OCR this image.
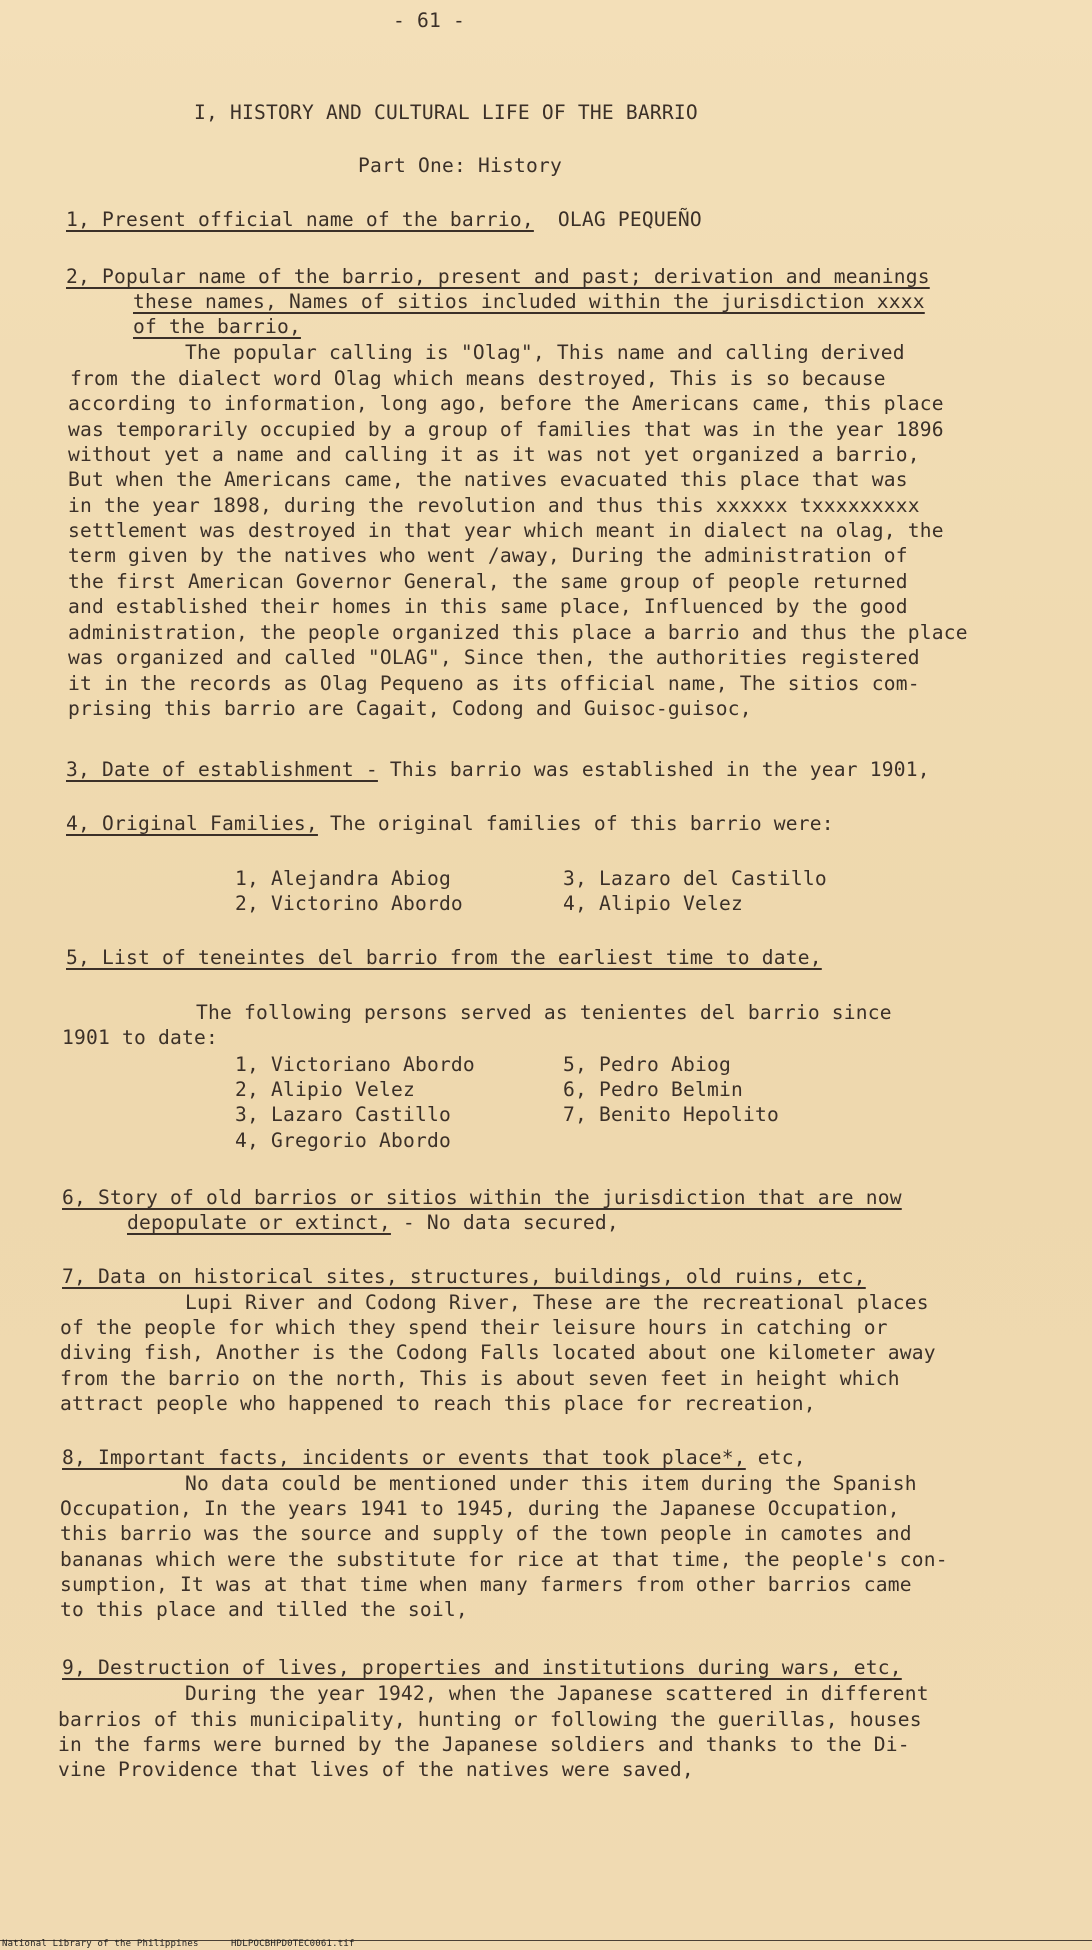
- 61 -
I, HISTORY AND CULTURAL LIFE OF THE BARRIO
Part One: History
1, Present official name of the barrio, OLAG PEQUEÑO
2, Popular name of the barrio, present and past; derivation and meanings
these names, Names of sitios included within the jurisdiction xxxx
of the barrio,
The popular calling is "Olag", This name and calling derived
from the dialect word Olag which means destroyed, This is so because
according to information, long ago, before the Americans came, this place
was temporarily occupied by a group of families that was in the year 1896
without yet a name and calling it as it was not yet organized a barrio,
But when the Americans came, the natives evacuated this place that was
in the year 1898, during the revolution and thus this xxxxxx txxxxxxxxx
settlement was destroyed in that year which meant in dialect na olag, the
term given by the natives who went /away, During the administration of
the first American Governor General, the same group of people returned
and established their homes in this same place, Influenced by the good
administration, the people organized this place a barrio and thus the place
was organized and called "OLAG", Since then, the authorities registered
it in the records as Olag Pequeno as its official name, The sitios com-
prising this barrio are Cagait, Codong and Guisoc-guisoc,
3, Date of establishment - This barrio was established in the year 1901,
4, Original Families, The original families of this barrio were:
1, Alejandra Abiog
2, Victorino Abordo
3, Lazaro del Castillo
4, Alipio Velez
5, List of teneintes del barrio from the earliest time to date,
The following persons served as tenientes del barrio since
1901 to date:
1, Victoriano Abordo
2, Alipio Velez
3, Lazaro Castillo
4, Gregorio Abordo
5, Pedro Abiog
6, Pedro Belmin
7, Benito Hepolito
6, Story of old barrios or sitios within the jurisdiction that are now
depopulate or extinct, - No data secured,
7, Data on historical sites, structures, buildings, old ruins, etc,
Lupi River and Codong River, These are the recreational places
of the people for which they spend their leisure hours in catching or
diving fish, Another is the Codong Falls located about one kilometer away
from the barrio on the north, This is about seven feet in height which
attract people who happened to reach this place for recreation,
8, Important facts, incidents or events that took place*, etc,
No data could be mentioned under this item during the Spanish
Occupation, In the years 1941 to 1945, during the Japanese Occupation,
this barrio was the source and supply of the town people in camotes and
bananas which were the substitute for rice at that time, the people's con-
sumption, It was at that time when many farmers from other barrios came
to this place and tilled the soil,
9, Destruction of lives, properties and institutions during wars, etc,
During the year 1942, when the Japanese scattered in different
barrios of this municipality, hunting or following the guerillas, houses
in the farms were burned by the Japanese soldiers and thanks to the Di-
vine Providence that lives of the natives were saved,
National Library of the Philippines	HDLPOCBHPD0TEC0061.tif
